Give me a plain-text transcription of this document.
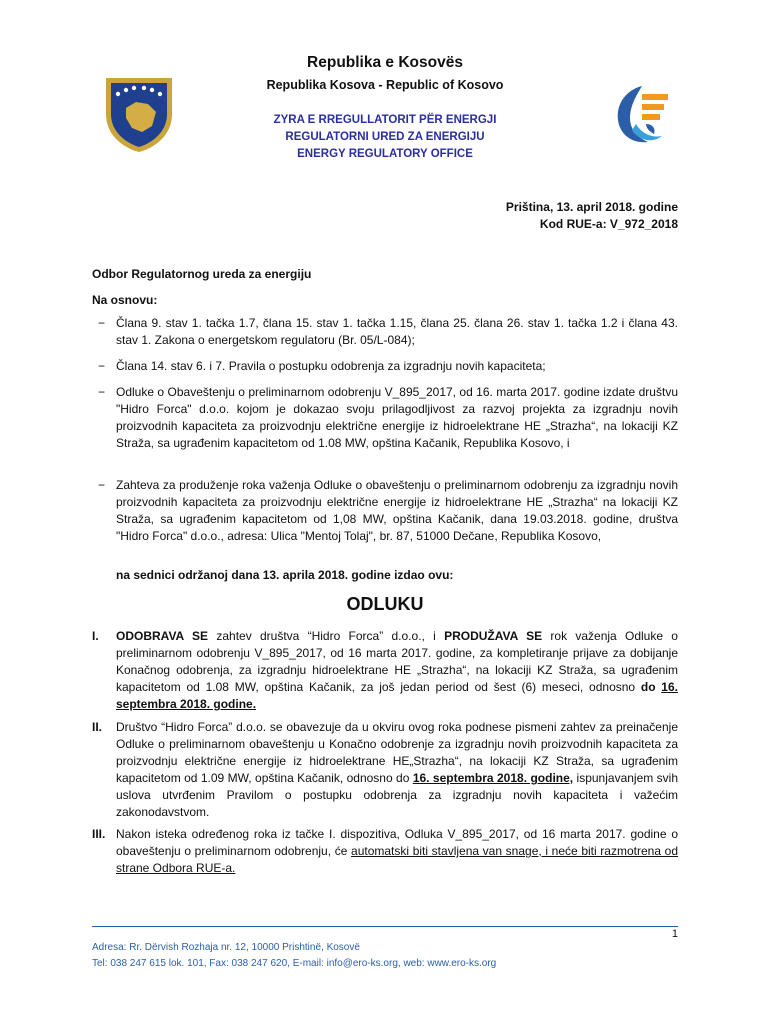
Republika e Kosovës
Republika Kosova - Republic of Kosovo
ZYRA E RREGULLATORIT PËR ENERGJI
REGULATORNI URED ZA ENERGIJU
ENERGY REGULATORY OFFICE
Priština, 13. april 2018. godine
Kod RUE-a: V_972_2018
Odbor Regulatornog ureda za energiju
Na osnovu:
− Člana 9. stav 1. tačka 1.7, člana 15. stav 1. tačka 1.15, člana 25. člana 26. stav 1. tačka 1.2 i člana 43. stav 1. Zakona o energetskom regulatoru (Br. 05/L-084);
− Člana 14. stav 6. i 7. Pravila o postupku odobrenja za izgradnju novih kapaciteta;
− Odluke o Obaveštenju o preliminarnom odobrenju V_895_2017, od 16. marta 2017. godine izdate društvu "Hidro Forca" d.o.o. kojom je dokazao svoju prilagodljivost za razvoj projekta za izgradnju novih proizvodnih kapaciteta za proizvodnju električne energije iz hidroelektrane HE „Strazha“, na lokaciji KZ Straža, sa ugrađenim kapacitetom od 1.08 MW, opština Kačanik, Republika Kosovo, i
− Zahteva za produženje roka važenja Odluke o obaveštenju o preliminarnom odobrenju za izgradnju novih proizvodnih kapaciteta za proizvodnju električne energije iz hidroelektrane HE „Strazha“ na lokaciji KZ Straža, sa ugrađenim kapacitetom od 1,08 MW, opština Kačanik, dana 19.03.2018. godine, društva "Hidro Forca" d.o.o., adresa: Ulica "Mentoj Tolaj", br. 87, 51000 Dečane, Republika Kosovo,
na sednici održanoj dana 13. aprila 2018. godine izdao ovu:
ODLUKU
I. ODOBRAVA SE zahtev društva “Hidro Forca” d.o.o., i PRODUŽAVA SE rok važenja Odluke o preliminarnom odobrenju V_895_2017, od 16 marta 2017. godine, za kompletiranje prijave za dobijanje Konačnog odobrenja, za izgradnju hidroelektrane HE „Strazha“, na lokaciji KZ Straža, sa ugrađenim kapacitetom od 1.08 MW, opština Kačanik, za još jedan period od šest (6) meseci, odnosno do 16. septembra 2018. godine.
II. Društvo “Hidro Forca” d.o.o. se obavezuje da u okviru ovog roka podnese pismeni zahtev za preinačenje Odluke o preliminarnom obaveštenju u Konačno odobrenje za izgradnju novih proizvodnih kapaciteta za proizvodnju električne energije iz hidroelektrane HE„Strazha“, na lokaciji KZ Straža, sa ugrađenim kapacitetom od 1.09 MW, opština Kačanik, odnosno do 16. septembra 2018. godine, ispunjavanjem svih uslova utvrđenim Pravilom o postupku odobrenja za izgradnju novih kapaciteta i važećim zakonodavstvom.
III. Nakon isteka određenog roka iz tačke I. dispozitiva, Odluka V_895_2017, od 16 marta 2017. godine o obaveštenju o preliminarnom odobrenju, će automatski biti stavljena van snage, i neće biti razmotrena od strane Odbora RUE-a.
1
Adresa: Rr. Dërvish Rozhaja nr. 12, 10000 Prishtinë, Kosovë
Tel: 038 247 615 lok. 101, Fax: 038 247 620, E-mail: info@ero-ks.org, web: www.ero-ks.org
